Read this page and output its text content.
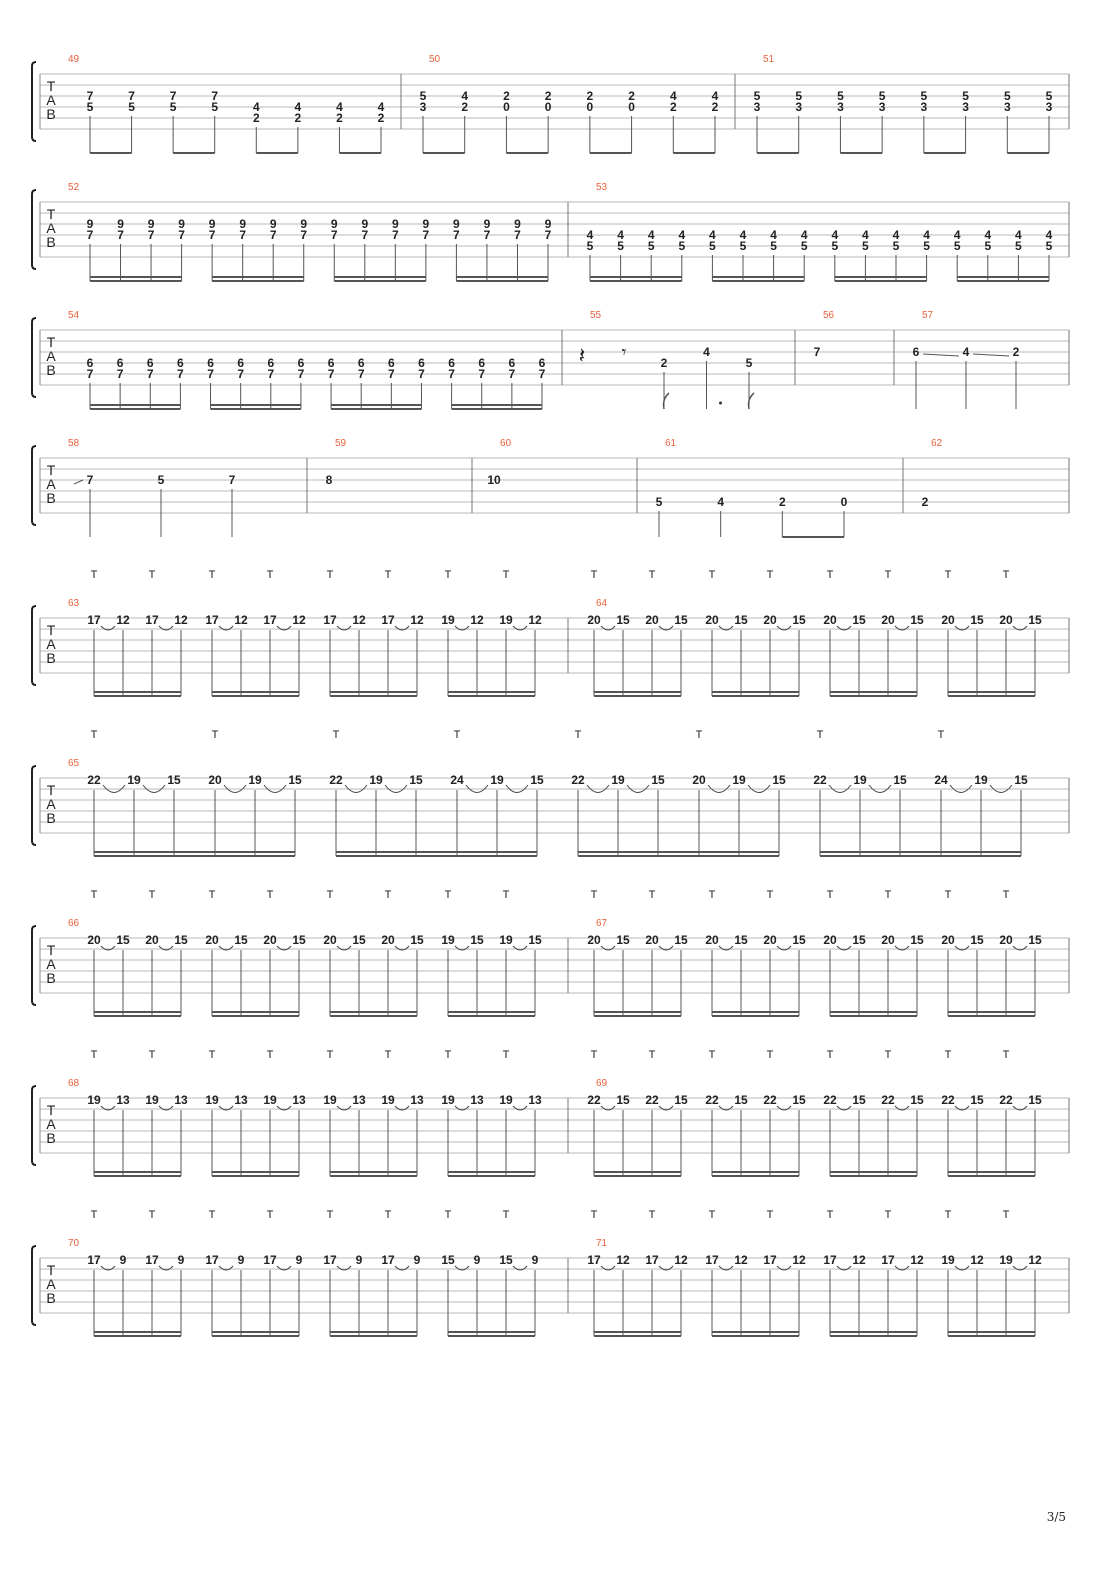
T
A
B
49
7
5
7
5
7
5
7
5	4
2
4
2
4
2
4
2
50
5
3
4
2
2
0
2
0
2
0
2
0
4
2
4
2
51
5
3
5
3
5
3
5
3
5
3
5
3
5
3
5
3
T
A
B
52
9
7
9
7
9
7
9
7
9
7
9
7
9
7
9
7
9
7
9
7
9
7
9
7
9
7
9
7
9
7
9
7
53
4
5
4
5
4
5
4
5
4
5
4
5
4
5
4
5
4
5
4
5
4
5
4
5
4
5
4
5
4
5
4
5
T
A
B
54
6
7
6
7
6
7
6
7
6
7
6
7
6
7
6
7
6
7
6
7
6
7
6
7
6
7
6
7
6
7
6
7
55
2
4
5
𝄽 𝄾
56
7
57
6	4	2
T
A
B
58
7	5	7
59
8
60
10
61
5	4	2	0
62
2
T
A
B
63
17 12
T
17 12
T
17 12
T
17 12
T
17 12
T
17 12
T
19 12
T
19 12
T
64
20 15
T
20 15
T
20 15
T
20 15
T
20 15
T
20 15
T
20 15
T
20 15
T
T
A
B
65
22 19 15
T
20 19 15
T
22 19 15
T
24 19 15
T
22 19 15
T
20 19 15
T
22 19 15
T
24 19 15
T
T
A
B
66
20 15
T
20 15
T
20 15
T
20 15
T
20 15
T
20 15
T
19 15
T
19 15
T
67
20 15
T
20 15
T
20 15
T
20 15
T
20 15
T
20 15
T
20 15
T
20 15
T
T
A
B
68
19 13
T
19 13
T
19 13
T
19 13
T
19 13
T
19 13
T
19 13
T
19 13
T
69
22 15
T
22 15
T
22 15
T
22 15
T
22 15
T
22 15
T
22 15
T
22 15
T
T
A
B
70
17 9
T
17 9
T
17 9
T
17 9
T
17 9
T
17 9
T
15 9
T
15 9
T
71
17 12
T
17 12
T
17 12
T
17 12
T
17 12
T
17 12
T
19 12
T
19 12
T
3/5
